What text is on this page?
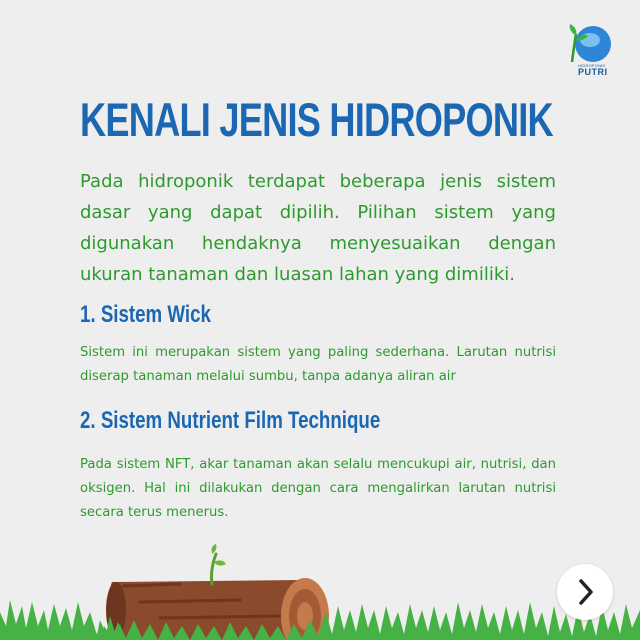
HIDROPONIK
PUTRI
KENALI JENIS HIDROPONIK

Pada hidroponik terdapat beberapa jenis sistem dasar yang dapat dipilih. Pilihan sistem yang digunakan hendaknya menyesuaikan dengan ukuran tanaman dan luasan lahan yang dimiliki.

1. Sistem Wick

Sistem ini merupakan sistem yang paling sederhana. Larutan nutrisi diserap tanaman melalui sumbu, tanpa adanya aliran air

2. Sistem Nutrient Film Technique

Pada sistem NFT, akar tanaman akan selalu mencukupi air, nutrisi, dan oksigen. Hal ini dilakukan dengan cara mengalirkan larutan nutrisi secara terus menerus.
